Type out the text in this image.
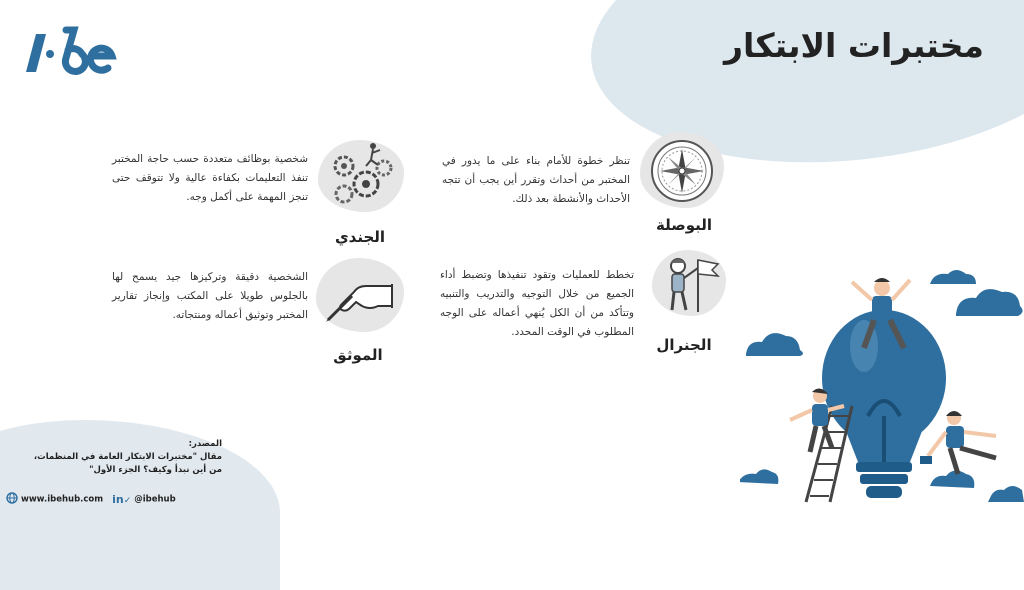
مختبرات الابتكار
البوصلة
تنظر خطوة للأمام بناء على ما يدور في المختبر من أحداث وتقرر أين يجب أن تتجه الأحداث والأنشطة بعد ذلك.
الجندي
شخصية بوظائف متعددة حسب حاجة المختبر تنفذ التعليمات بكفاءة عالية ولا تتوقف حتى تنجز المهمة على أكمل وجه.
الجنرال
تخطط للعمليات وتقود تنفيذها وتضبط أداء الجميع من خلال التوجيه والتدريب والتنبيه وتتأكد من أن الكل يُنهي أعماله على الوجه المطلوب في الوقت المحدد.
الموثق
الشخصية دقيقة وتركيزها جيد يسمح لها بالجلوس طويلا على المكتب وإنجاز تقارير المختبر وتوثيق أعماله ومنتجاته.
المصدر:
مقال "مختبرات الابتكار العامة في المنظمات، من أين نبدأ وكيف؟ الجزء الأول"
www.ibehub.com in✓ @ibehub
